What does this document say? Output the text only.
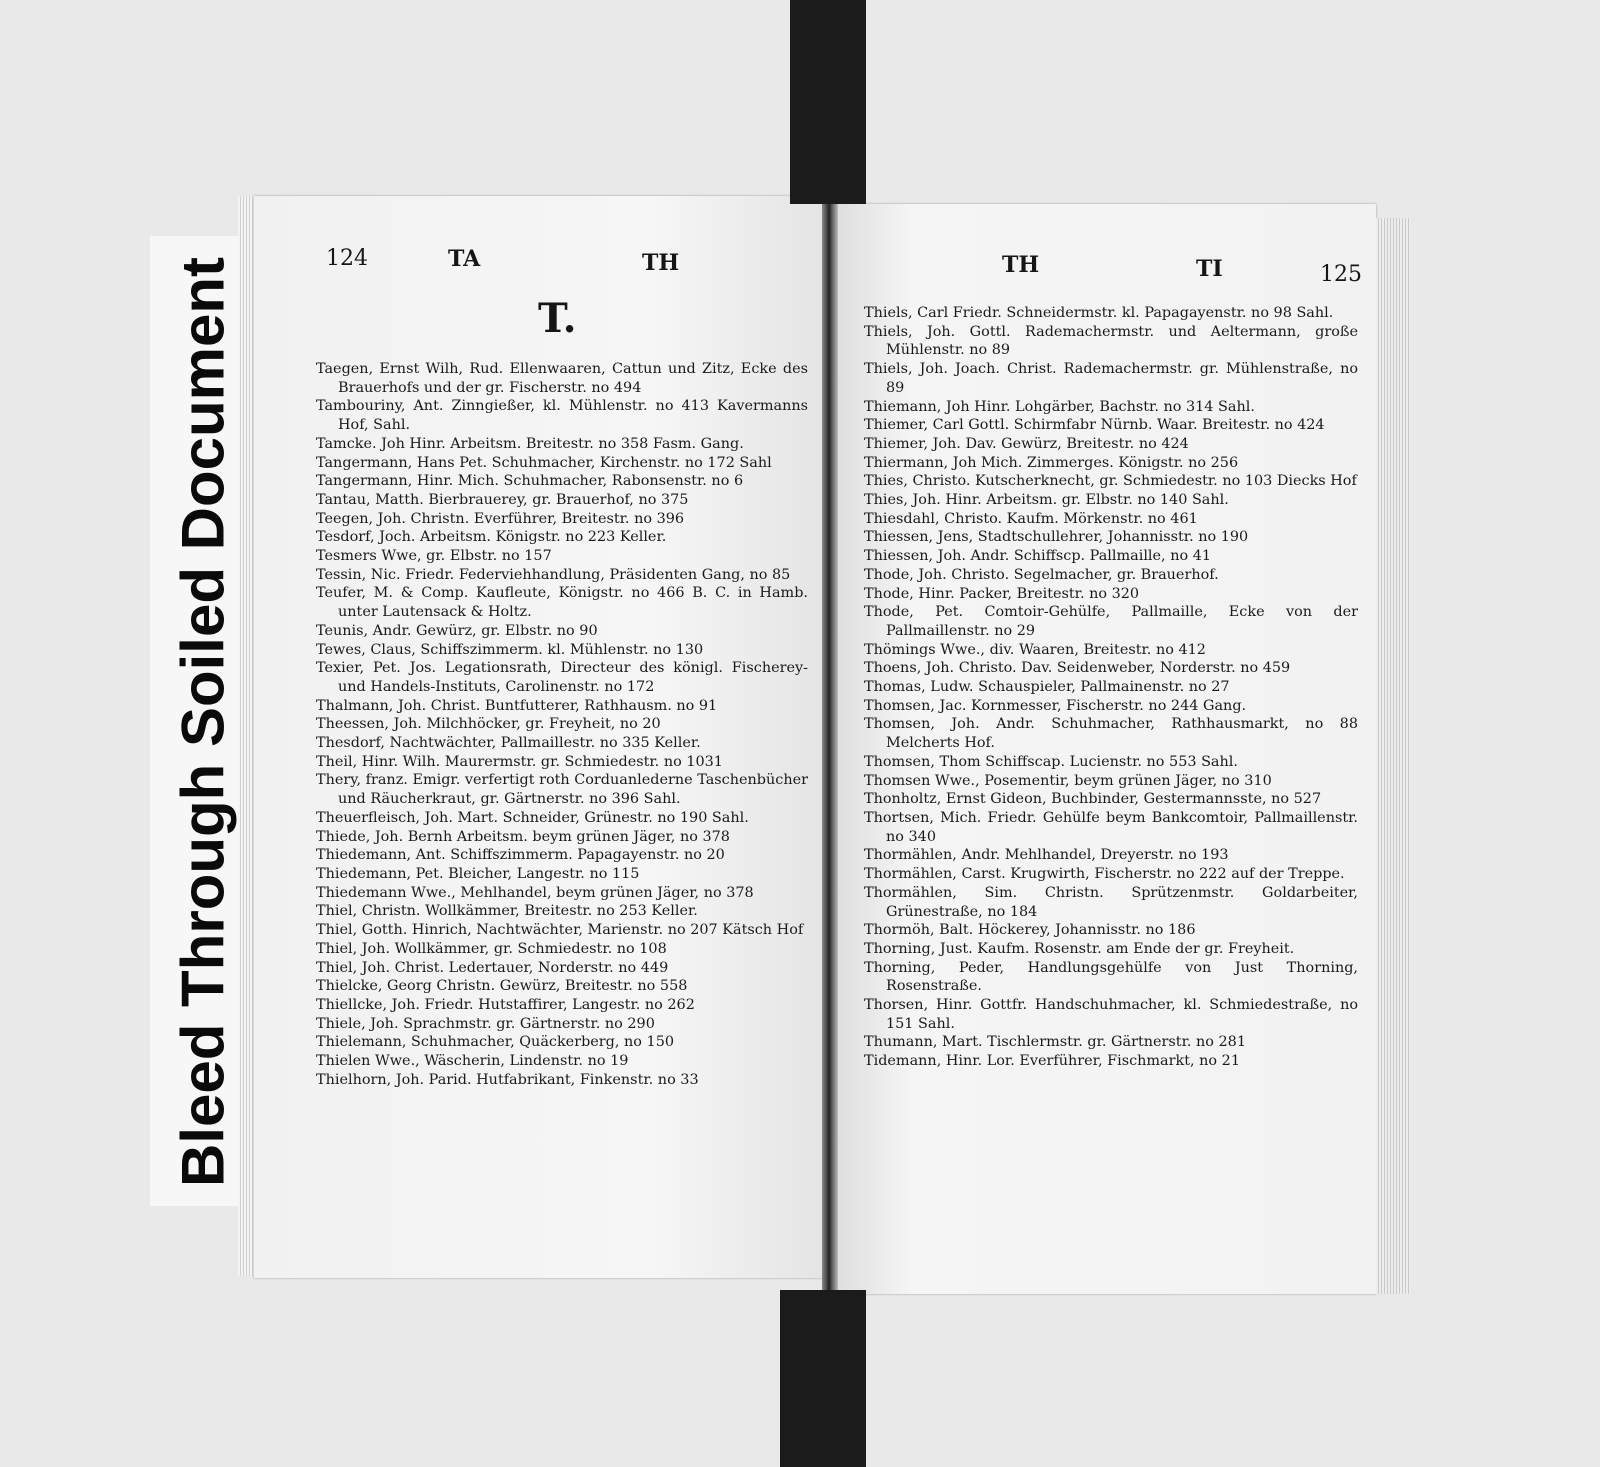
Bleed Through Soiled Document	124	TA	TH
T.
TH	TI	125
Taegen, Ernst Wilh, Rud. Ellenwaaren, Cattun und Zitz, Ecke des Brauerhofs und der gr. Fischerstr. no 494
Tambouriny, Ant. Zinngießer, kl. Mühlenstr. no 413 Kavermanns Hof, Sahl.
Tamcke. Joh Hinr. Arbeitsm. Breitestr. no 358 Fasm. Gang.
Tangermann, Hans Pet. Schuhmacher, Kirchenstr. no 172 Sahl
Tangermann, Hinr. Mich. Schuhmacher, Rabonsenstr. no 6
Tantau, Matth. Bierbrauerey, gr. Brauerhof, no 375
Teegen, Joh. Christn. Everführer, Breitestr. no 396
Tesdorf, Joch. Arbeitsm. Königstr. no 223 Keller.
Tesmers Wwe, gr. Elbstr. no 157
Tessin, Nic. Friedr. Federviehhandlung, Präsidenten Gang, no 85
Teufer, M. & Comp. Kaufleute, Königstr. no 466 B. C. in Hamb. unter Lautensack & Holtz.
Teunis, Andr. Gewürz, gr. Elbstr. no 90
Tewes, Claus, Schiffszimmerm. kl. Mühlenstr. no 130
Texier, Pet. Jos. Legationsrath, Directeur des königl. Fischerey- und Handels-Instituts, Carolinenstr. no 172
Thalmann, Joh. Christ. Buntfutterer, Rathhausm. no 91
Theessen, Joh. Milchhöcker, gr. Freyheit, no 20
Thesdorf, Nachtwächter, Pallmaillestr. no 335 Keller.
Theil, Hinr. Wilh. Maurermstr. gr. Schmiedestr. no 1031
Thery, franz. Emigr. verfertigt roth Corduanlederne Taschenbücher und Räucherkraut, gr. Gärtnerstr. no 396 Sahl.
Theuerfleisch, Joh. Mart. Schneider, Grünestr. no 190 Sahl.
Thiede, Joh. Bernh Arbeitsm. beym grünen Jäger, no 378
Thiedemann, Ant. Schiffszimmerm. Papagayenstr. no 20
Thiedemann, Pet. Bleicher, Langestr. no 115
Thiedemann Wwe., Mehlhandel, beym grünen Jäger, no 378
Thiel, Christn. Wollkämmer, Breitestr. no 253 Keller.
Thiel, Gotth. Hinrich, Nachtwächter, Marienstr. no 207 Kätsch Hof
Thiel, Joh. Wollkämmer, gr. Schmiedestr. no 108
Thiel, Joh. Christ. Ledertauer, Norderstr. no 449
Thielcke, Georg Christn. Gewürz, Breitestr. no 558
Thiellcke, Joh. Friedr. Hutstaffirer, Langestr. no 262
Thiele, Joh. Sprachmstr. gr. Gärtnerstr. no 290
Thielemann, Schuhmacher, Quäckerberg, no 150
Thielen Wwe., Wäscherin, Lindenstr. no 19
Thielhorn, Joh. Parid. Hutfabrikant, Finkenstr. no 33
Thiels, Carl Friedr. Schneidermstr. kl. Papagayenstr. no 98 Sahl.
Thiels, Joh. Gottl. Rademachermstr. und Aeltermann, große Mühlenstr. no 89
Thiels, Joh. Joach. Christ. Rademachermstr. gr. Mühlenstraße, no 89
Thiemann, Joh Hinr. Lohgärber, Bachstr. no 314 Sahl.
Thiemer, Carl Gottl. Schirmfabr Nürnb. Waar. Breitestr. no 424
Thiemer, Joh. Dav. Gewürz, Breitestr. no 424
Thiermann, Joh Mich. Zimmerges. Königstr. no 256
Thies, Christo. Kutscherknecht, gr. Schmiedestr. no 103 Diecks Hof
Thies, Joh. Hinr. Arbeitsm. gr. Elbstr. no 140 Sahl.
Thiesdahl, Christo. Kaufm. Mörkenstr. no 461
Thiessen, Jens, Stadtschullehrer, Johannisstr. no 190
Thiessen, Joh. Andr. Schiffscp. Pallmaille, no 41
Thode, Joh. Christo. Segelmacher, gr. Brauerhof.
Thode, Hinr. Packer, Breitestr. no 320
Thode, Pet. Comtoir-Gehülfe, Pallmaille, Ecke von der Pallmaillenstr. no 29
Thömings Wwe., div. Waaren, Breitestr. no 412
Thoens, Joh. Christo. Dav. Seidenweber, Norderstr. no 459
Thomas, Ludw. Schauspieler, Pallmainenstr. no 27
Thomsen, Jac. Kornmesser, Fischerstr. no 244 Gang.
Thomsen, Joh. Andr. Schuhmacher, Rathhausmarkt, no 88 Melcherts Hof.
Thomsen, Thom Schiffscap. Lucienstr. no 553 Sahl.
Thomsen Wwe., Posementir, beym grünen Jäger, no 310
Thonholtz, Ernst Gideon, Buchbinder, Gestermannsste, no 527
Thortsen, Mich. Friedr. Gehülfe beym Bankcomtoir, Pallmaillenstr. no 340
Thormählen, Andr. Mehlhandel, Dreyerstr. no 193
Thormählen, Carst. Krugwirth, Fischerstr. no 222 auf der Treppe.
Thormählen, Sim. Christn. Sprützenmstr. Goldarbeiter, Grünestraße, no 184
Thormöh, Balt. Höckerey, Johannisstr. no 186
Thorning, Just. Kaufm. Rosenstr. am Ende der gr. Freyheit.
Thorning, Peder, Handlungsgehülfe von Just Thorning, Rosenstraße.
Thorsen, Hinr. Gottfr. Handschuhmacher, kl. Schmiedestraße, no 151 Sahl.
Thumann, Mart. Tischlermstr. gr. Gärtnerstr. no 281
Tidemann, Hinr. Lor. Everführer, Fischmarkt, no 21
